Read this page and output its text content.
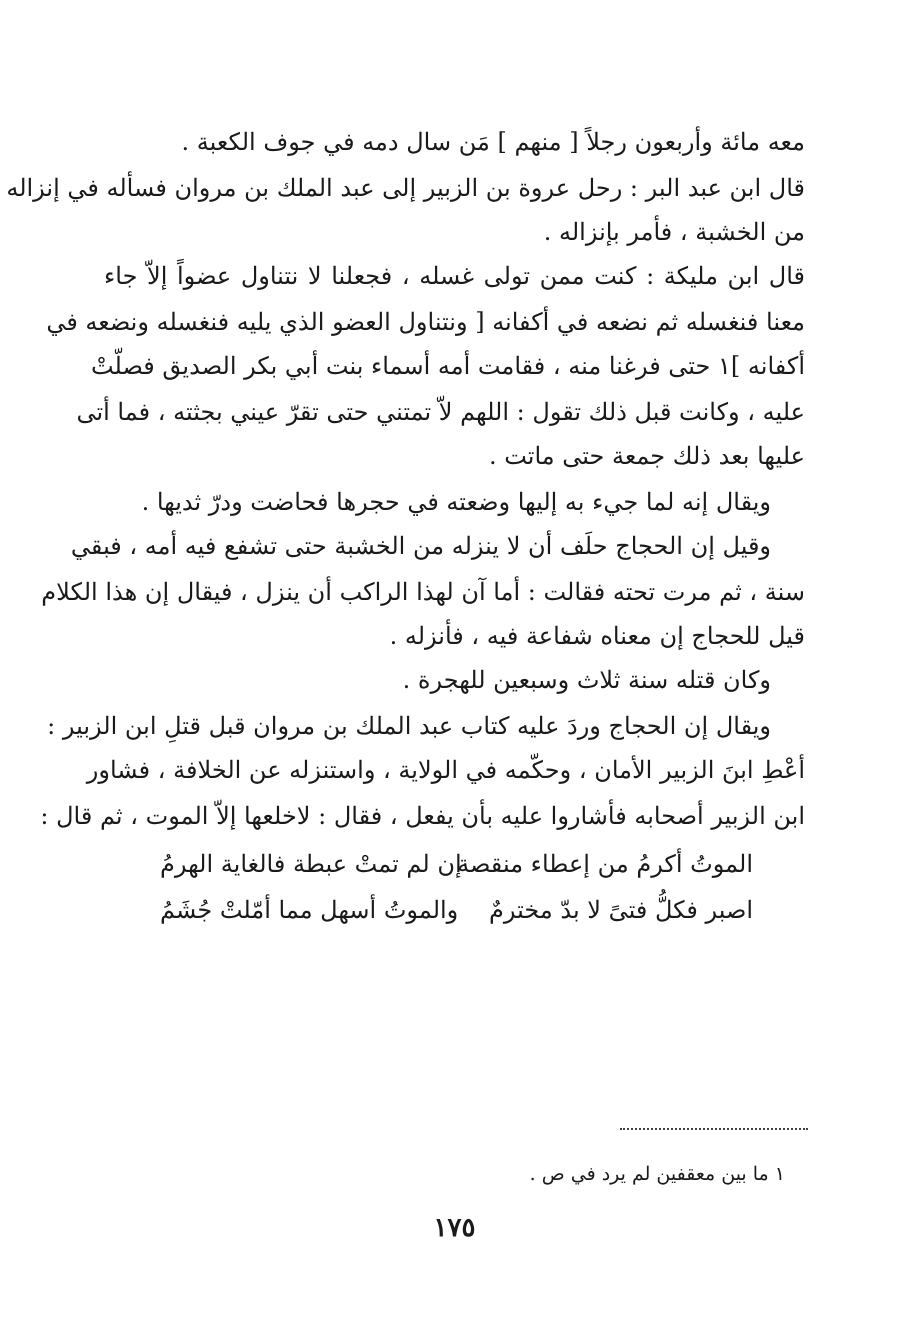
معه مائة وأربعون رجلاً [ منهم ] مَن سال دمه في جوف الكعبة .
قال ابن عبد البر : رحل عروة بن الزبير إلى عبد الملك بن مروان فسأله في إنزاله
من الخشبة ، فأمر بإنزاله .
قال ابن مليكة : كنت ممن تولى غسله ، فجعلنا لا نتناول عضواً إلاّ جاء
معنا فنغسله ثم نضعه في أكفانه [ ونتناول العضو الذي يليه فنغسله ونضعه في
أكفانه ]١ حتى فرغنا منه ، فقامت أمه أسماء بنت أبي بكر الصديق فصلّتْ
عليه ، وكانت قبل ذلك تقول : اللهم لاّ تمتني حتى تقرّ عيني بجثته ، فما أتى
عليها بعد ذلك جمعة حتى ماتت .
ويقال إنه لما جيء به إليها وضعته في حجرها فحاضت ودرّ ثديها .
وقيل إن الحجاج حلَف أن لا ينزله من الخشبة حتى تشفع فيه أمه ، فبقي
سنة ، ثم مرت تحته فقالت : أما آن لهذا الراكب أن ينزل ، فيقال إن هذا الكلام
قيل للحجاج إن معناه شفاعة فيه ، فأنزله .
وكان قتله سنة ثلاث وسبعين للهجرة .
ويقال إن الحجاج وردَ عليه كتاب عبد الملك بن مروان قبل قتلِ ابن الزبير :
أعْطِ ابنَ الزبير الأمان ، وحكّمه في الولاية ، واستنزله عن الخلافة ، فشاور
ابن الزبير أصحابه فأشاروا عليه بأن يفعل ، فقال : لاخلعها إلاّ الموت ، ثم قال :
الموتُ أكرمُ من إعطاء منقصة
إن لم تمتْ عبطة فالغاية الهرمُ
اصبر فكلُّ فتىً لا بدّ مخترمٌ
والموتُ أسهل مما أمّلتْ جُشَمُ
١ ما بين معقفين لم يرد في ص .
١٧٥
